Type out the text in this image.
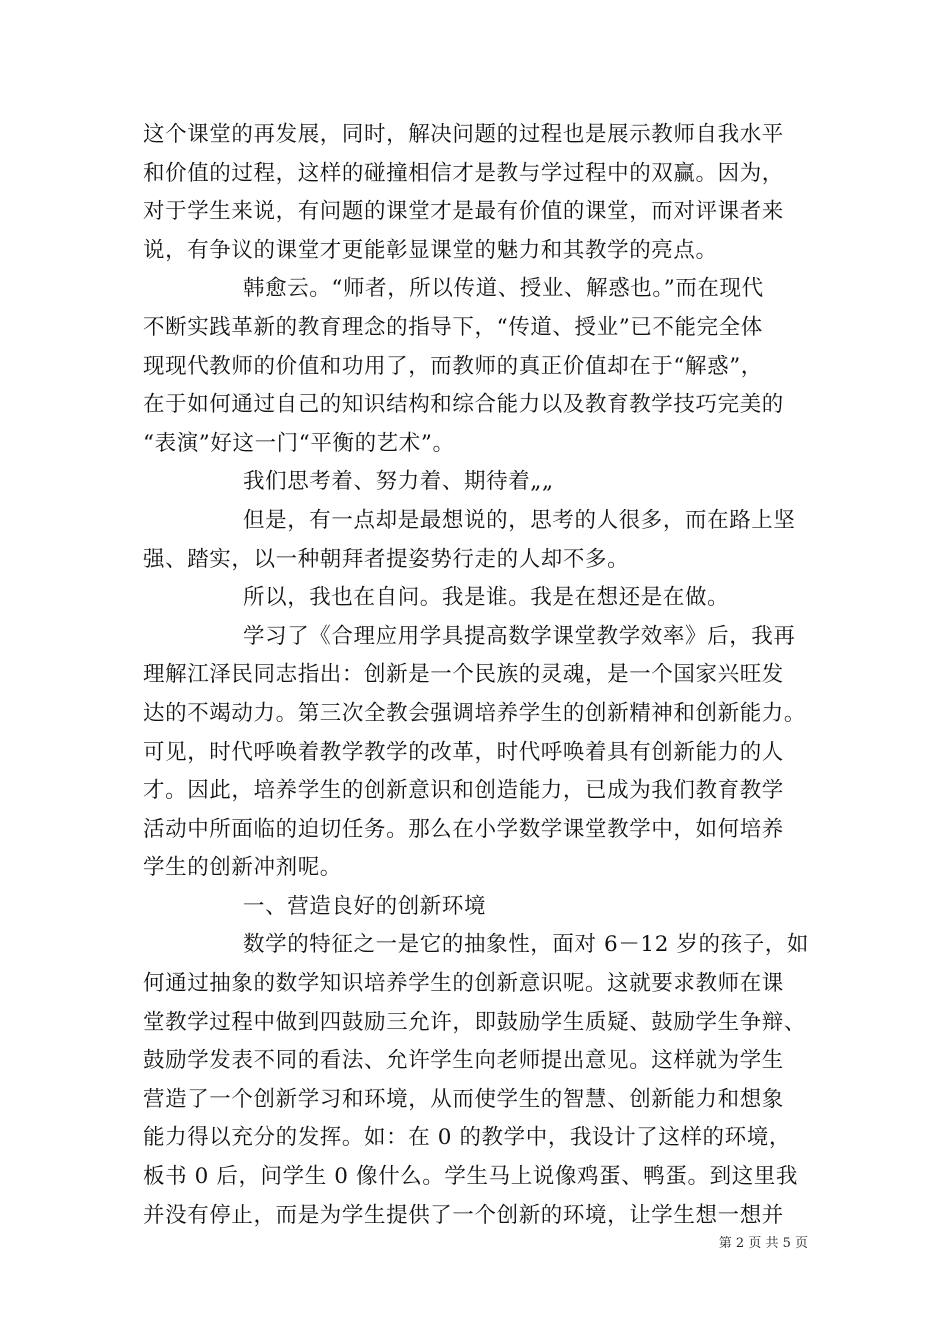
这个课堂的再发展，同时，解决问题的过程也是展示教师自我水平
和价值的过程，这样的碰撞相信才是教与学过程中的双赢。因为，
对于学生来说，有问题的课堂才是最有价值的课堂，而对评课者来
说，有争议的课堂才更能彰显课堂的魅力和其教学的亮点。
韩愈云。“师者，所以传道、授业、解惑也。”而在现代
不断实践革新的教育理念的指导下，“传道、授业”已不能完全体
现现代教师的价值和功用了，而教师的真正价值却在于“解惑”，
在于如何通过自己的知识结构和综合能力以及教育教学技巧完美的
“表演”好这一门“平衡的艺术”。
我们思考着、努力着、期待着„„
但是，有一点却是最想说的，思考的人很多，而在路上坚
强、踏实，以一种朝拜者提姿势行走的人却不多。
所以，我也在自问。我是谁。我是在想还是在做。
学习了《合理应用学具提高数学课堂教学效率》后，我再
理解江泽民同志指出：创新是一个民族的灵魂，是一个国家兴旺发
达的不竭动力。第三次全教会强调培养学生的创新精神和创新能力。
可见，时代呼唤着教学教学的改革，时代呼唤着具有创新能力的人
才。因此，培养学生的创新意识和创造能力，已成为我们教育教学
活动中所面临的迫切任务。那么在小学数学课堂教学中，如何培养
学生的创新冲剂呢。
一、营造良好的创新环境
数学的特征之一是它的抽象性，面对 6－12 岁的孩子，如
何通过抽象的数学知识培养学生的创新意识呢。这就要求教师在课
堂教学过程中做到四鼓励三允许，即鼓励学生质疑、鼓励学生争辩、
鼓励学发表不同的看法、允许学生向老师提出意见。这样就为学生
营造了一个创新学习和环境，从而使学生的智慧、创新能力和想象
能力得以充分的发挥。如：在 0 的教学中，我设计了这样的环境，
板书 0 后，问学生 0 像什么。学生马上说像鸡蛋、鸭蛋。到这里我
并没有停止，而是为学生提供了一个创新的环境，让学生想一想并
第 2 页 共 5 页
